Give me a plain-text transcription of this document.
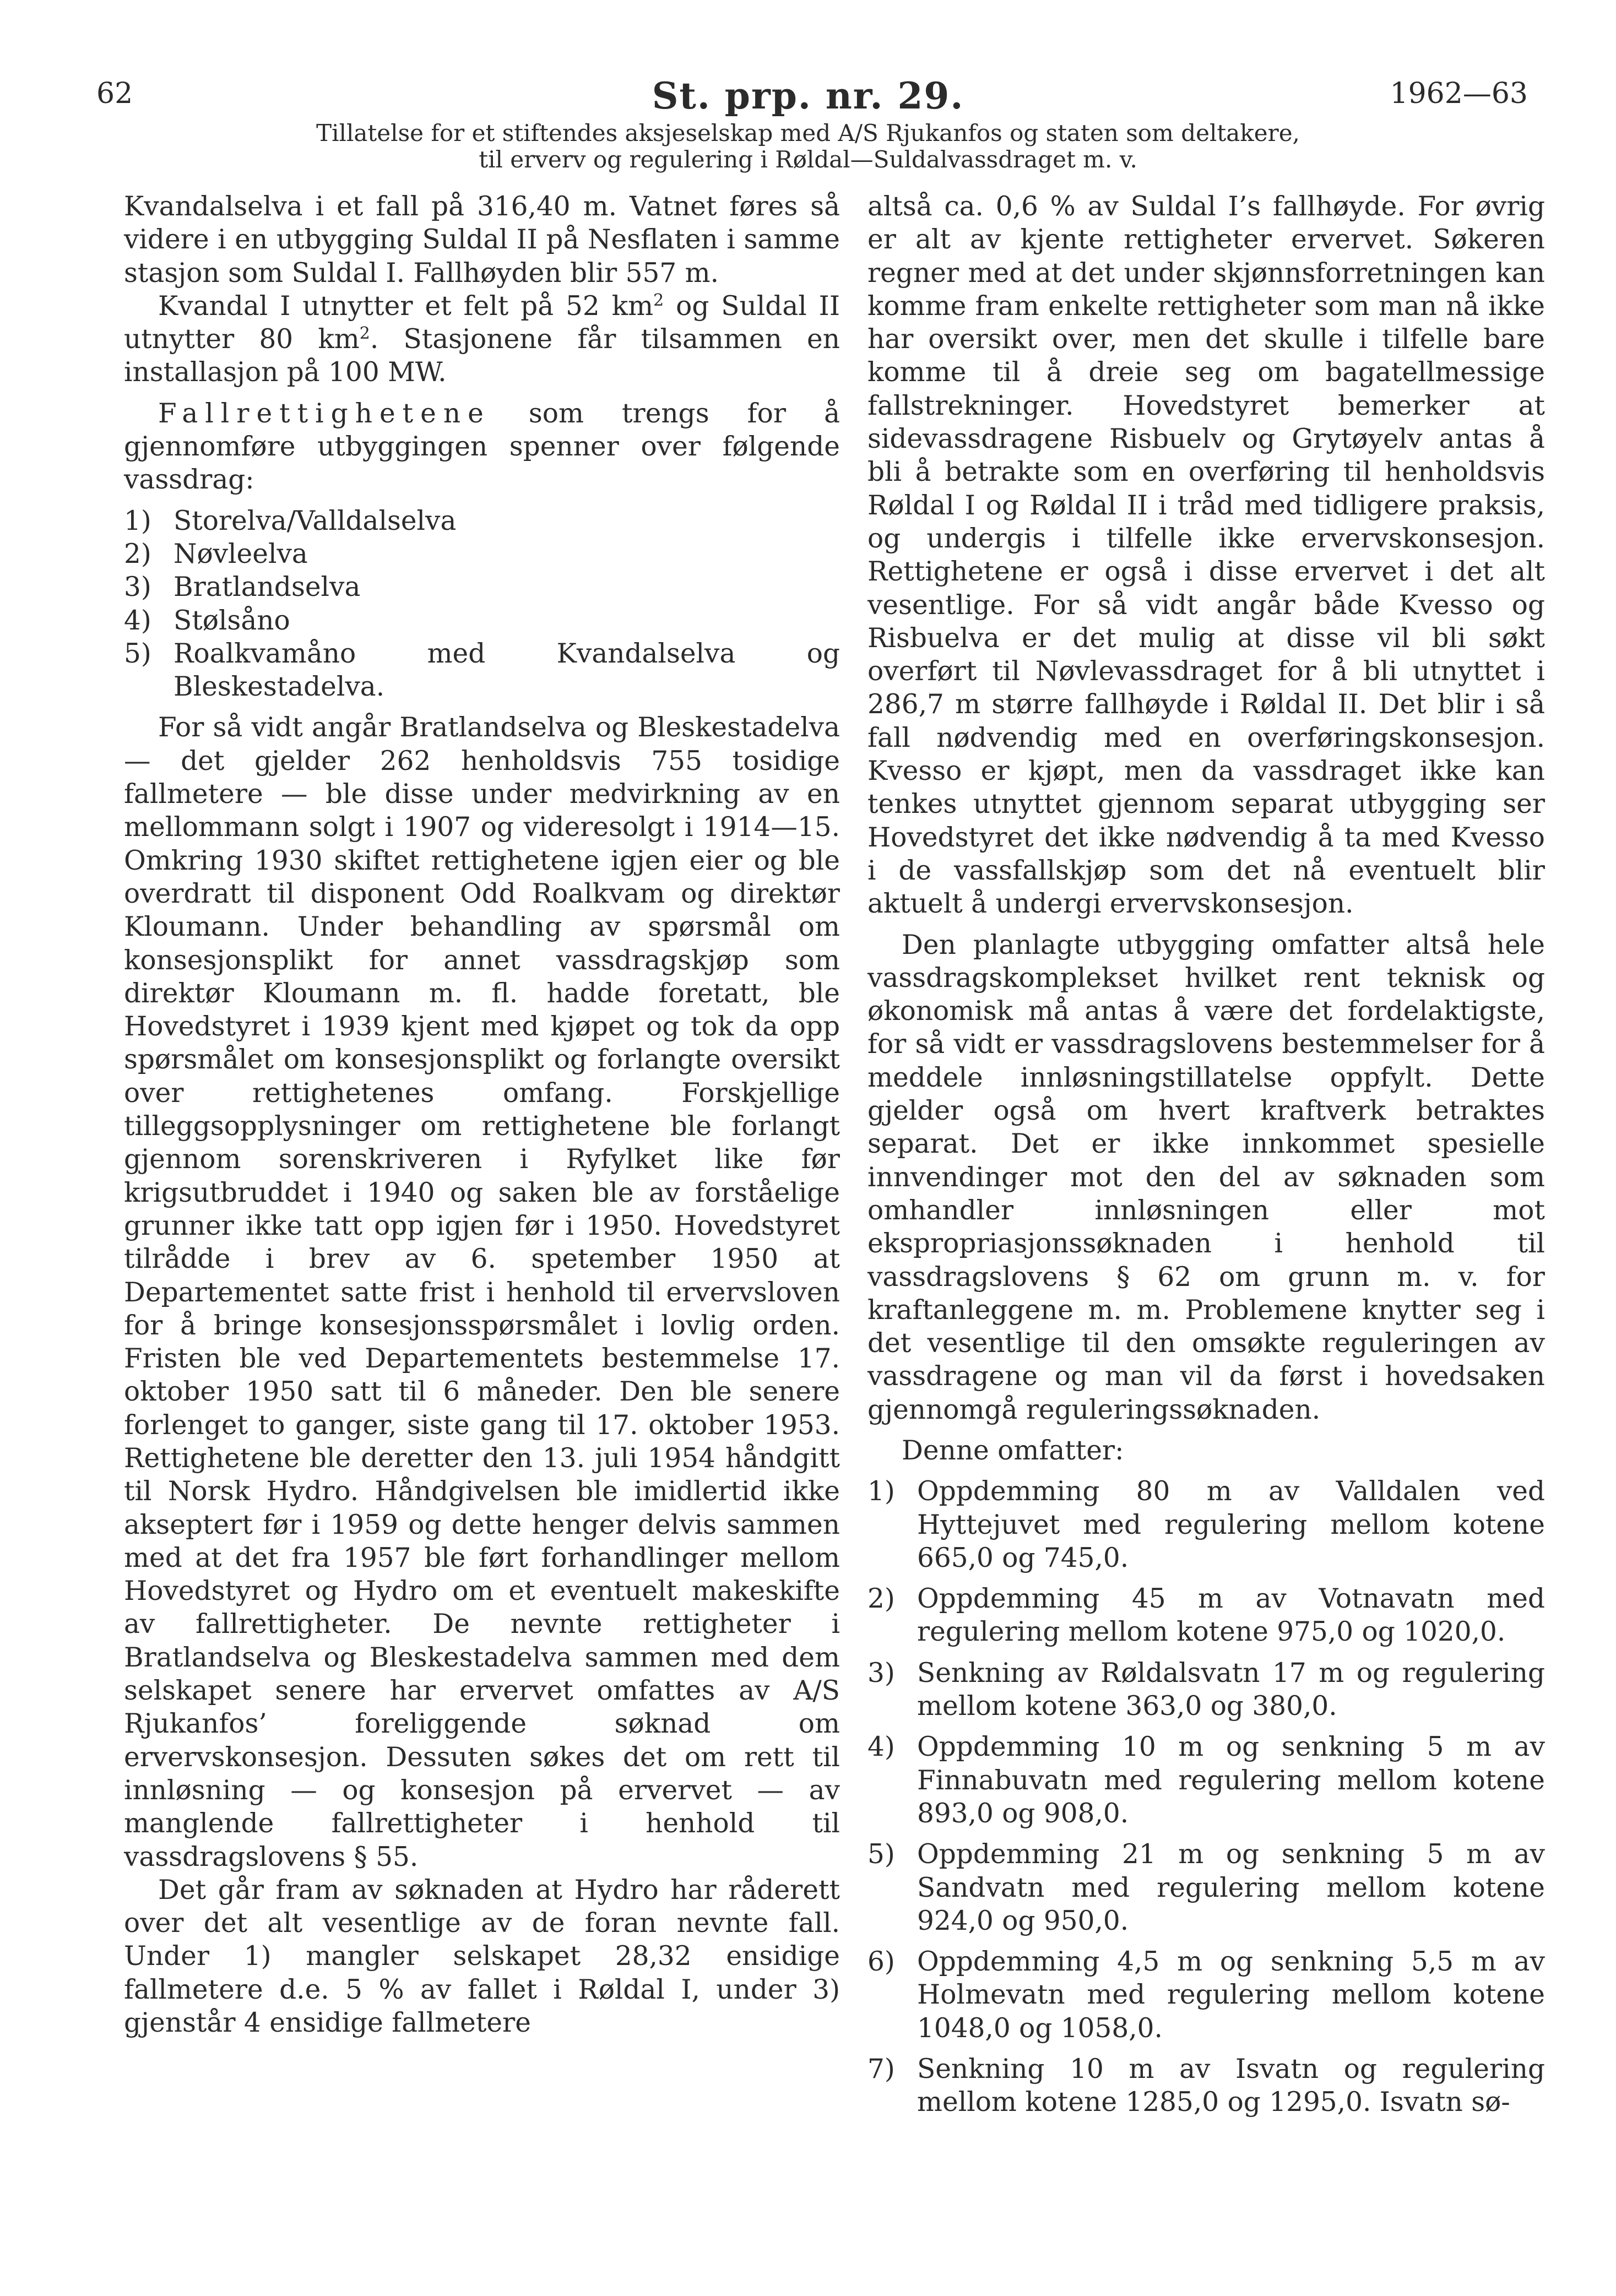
62	St. prp. nr. 29.	1962—63
Tillatelse for et stiftendes aksjeselskap med A/S Rjukanfos og staten som deltakere,
til erverv og regulering i Røldal—Suldalvassdraget m. v.

Kvandalselva i et fall på 316,40 m. Vatnet føres så videre i en utbygging Suldal II på Nesflaten i samme stasjon som Suldal I. Fallhøyden blir 557 m.

Kvandal I utnytter et felt på 52 $km^2$ og Suldal II utnytter 80 $km^2$. Stasjonene får tilsammen en installasjon på 100 MW.

Fallrettighetene som trengs for å gjennomføre utbyggingen spenner over følgende vassdrag:

1) Storelva/Valldalselva
2) Nøvleelva
3) Bratlandselva
4) Stølsåno
5) Roalkvamåno med Kvandalselva og Bleskestadelva.

For så vidt angår Bratlandselva og Bleskestadelva — det gjelder 262 henholdsvis 755 tosidige fallmetere — ble disse under medvirkning av en mellommann solgt i 1907 og videresolgt i 1914—15. Omkring 1930 skiftet rettighetene igjen eier og ble overdratt til disponent Odd Roalkvam og direktør Kloumann. Under behandling av spørsmål om konsesjonsplikt for annet vassdragskjøp som direktør Kloumann m. fl. hadde foretatt, ble Hovedstyret i 1939 kjent med kjøpet og tok da opp spørsmålet om konsesjonsplikt og forlangte oversikt over rettighetenes omfang. Forskjellige tilleggsopplysninger om rettighetene ble forlangt gjennom sorenskriveren i Ryfylket like før krigsutbruddet i 1940 og saken ble av forståelige grunner ikke tatt opp igjen før i 1950. Hovedstyret tilrådde i brev av 6. spetember 1950 at Departementet satte frist i henhold til ervervsloven for å bringe konsesjonsspørsmålet i lovlig orden. Fristen ble ved Departementets bestemmelse 17. oktober 1950 satt til 6 måneder. Den ble senere forlenget to ganger, siste gang til 17. oktober 1953. Rettighetene ble deretter den 13. juli 1954 håndgitt til Norsk Hydro. Håndgivelsen ble imidlertid ikke akseptert før i 1959 og dette henger delvis sammen med at det fra 1957 ble ført forhandlinger mellom Hovedstyret og Hydro om et eventuelt makeskifte av fallrettigheter. De nevnte rettigheter i Bratlandselva og Bleskestadelva sammen med dem selskapet senere har ervervet omfattes av A/S Rjukanfos’ foreliggende søknad om ervervskonsesjon. Dessuten søkes det om rett til innløsning — og konsesjon på ervervet — av manglende fallrettigheter i henhold til vassdragslovens § 55.

Det går fram av søknaden at Hydro har råderett over det alt vesentlige av de foran nevnte fall. Under 1) mangler selskapet 28,32 ensidige fallmetere d.e. 5 % av fallet i Røldal I, under 3) gjenstår 4 ensidige fallmetere

altså ca. 0,6 % av Suldal I’s fallhøyde. For øvrig er alt av kjente rettigheter ervervet. Søkeren regner med at det under skjønnsforretningen kan komme fram enkelte rettigheter som man nå ikke har oversikt over, men det skulle i tilfelle bare komme til å dreie seg om bagatellmessige fallstrekninger. Hovedstyret bemerker at sidevassdragene Risbuelv og Grytøyelv antas å bli å betrakte som en overføring til henholdsvis Røldal I og Røldal II i tråd med tidligere praksis, og undergis i tilfelle ikke ervervskonsesjon. Rettighetene er også i disse ervervet i det alt vesentlige. For så vidt angår både Kvesso og Risbuelva er det mulig at disse vil bli søkt overført til Nøvlevassdraget for å bli utnyttet i 286,7 m større fallhøyde i Røldal II. Det blir i så fall nødvendig med en overføringskonsesjon. Kvesso er kjøpt, men da vassdraget ikke kan tenkes utnyttet gjennom separat utbygging ser Hovedstyret det ikke nødvendig å ta med Kvesso i de vassfallskjøp som det nå eventuelt blir aktuelt å undergi ervervskonsesjon.

Den planlagte utbygging omfatter altså hele vassdragskomplekset hvilket rent teknisk og økonomisk må antas å være det fordelaktigste, for så vidt er vassdragslovens bestemmelser for å meddele innløsningstillatelse oppfylt. Dette gjelder også om hvert kraftverk betraktes separat. Det er ikke innkommet spesielle innvendinger mot den del av søknaden som omhandler innløsningen eller mot ekspropriasjonssøknaden i henhold til vassdragslovens § 62 om grunn m. v. for kraftanleggene m. m. Problemene knytter seg i det vesentlige til den omsøkte reguleringen av vassdragene og man vil da først i hovedsaken gjennomgå reguleringssøknaden.

Denne omfatter:

1) Oppdemming 80 m av Valldalen ved Hyttejuvet med regulering mellom kotene 665,0 og 745,0.
2) Oppdemming 45 m av Votnavatn med regulering mellom kotene 975,0 og 1020,0.
3) Senkning av Røldalsvatn 17 m og regulering mellom kotene 363,0 og 380,0.
4) Oppdemming 10 m og senkning 5 m av Finnabuvatn med regulering mellom kotene 893,0 og 908,0.
5) Oppdemming 21 m og senkning 5 m av Sandvatn med regulering mellom kotene 924,0 og 950,0.
6) Oppdemming 4,5 m og senkning 5,5 m av Holmevatn med regulering mellom kotene 1048,0 og 1058,0.
7) Senkning 10 m av Isvatn og regulering mellom kotene 1285,0 og 1295,0. Isvatn sø-
